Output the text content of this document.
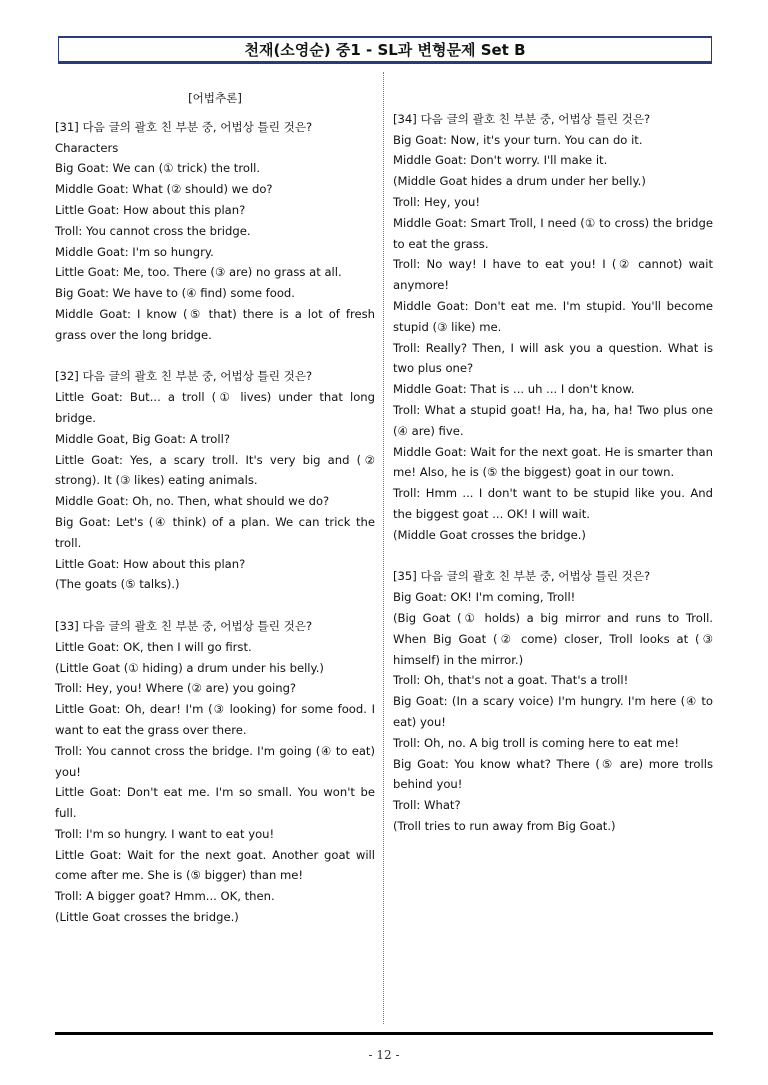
천재(소영순) 중1 - SL과 변형문제 Set B
[어법추론]

[31] 다음 글의 괄호 친 부분 중, 어법상 틀린 것은?

Characters

Big Goat: We can (① trick) the troll.

Middle Goat: What (② should) we do?

Little Goat: How about this plan?

Troll: You cannot cross the bridge.

Middle Goat: I'm so hungry.

Little Goat: Me, too. There (③ are) no grass at all.

Big Goat: We have to (④ find) some food.

Middle Goat: I know (⑤ that) there is a lot of fresh grass over the long bridge.

[32] 다음 글의 괄호 친 부분 중, 어법상 틀린 것은?

Little Goat: But... a troll (① lives) under that long bridge.

Middle Goat, Big Goat: A troll?

Little Goat: Yes, a scary troll. It's very big and (② strong). It (③ likes) eating animals.

Middle Goat: Oh, no. Then, what should we do?

Big Goat: Let's (④ think) of a plan. We can trick the troll.

Little Goat: How about this plan?

(The goats (⑤ talks).)

[33] 다음 글의 괄호 친 부분 중, 어법상 틀린 것은?

Little Goat: OK, then I will go first.

(Little Goat (① hiding) a drum under his belly.)

Troll: Hey, you! Where (② are) you going?

Little Goat: Oh, dear! I'm (③ looking) for some food. I want to eat the grass over there.

Troll: You cannot cross the bridge. I'm going (④ to eat) you!

Little Goat: Don't eat me. I'm so small. You won't be full.

Troll: I'm so hungry. I want to eat you!

Little Goat: Wait for the next goat. Another goat will come after me. She is (⑤ bigger) than me!

Troll: A bigger goat? Hmm... OK, then.

(Little Goat crosses the bridge.)

[34] 다음 글의 괄호 친 부분 중, 어법상 틀린 것은?

Big Goat: Now, it's your turn. You can do it.

Middle Goat: Don't worry. I'll make it.

(Middle Goat hides a drum under her belly.)

Troll: Hey, you!

Middle Goat: Smart Troll, I need (① to cross) the bridge to eat the grass.

Troll: No way! I have to eat you! I (② cannot) wait anymore!

Middle Goat: Don't eat me. I'm stupid. You'll become stupid (③ like) me.

Troll: Really? Then, I will ask you a question. What is two plus one?

Middle Goat: That is ... uh ... I don't know.

Troll: What a stupid goat! Ha, ha, ha, ha! Two plus one (④ are) five.

Middle Goat: Wait for the next goat. He is smarter than me! Also, he is (⑤ the biggest) goat in our town.

Troll: Hmm ... I don't want to be stupid like you. And the biggest goat ... OK! I will wait.

(Middle Goat crosses the bridge.)

[35] 다음 글의 괄호 친 부분 중, 어법상 틀린 것은?

Big Goat: OK! I'm coming, Troll!

(Big Goat (① holds) a big mirror and runs to Troll. When Big Goat (② come) closer, Troll looks at (③ himself) in the mirror.)

Troll: Oh, that's not a goat. That's a troll!

Big Goat: (In a scary voice) I'm hungry. I'm here (④ to eat) you!

Troll: Oh, no. A big troll is coming here to eat me!

Big Goat: You know what? There (⑤ are) more trolls behind you!

Troll: What?

(Troll tries to run away from Big Goat.)

- 12 -
